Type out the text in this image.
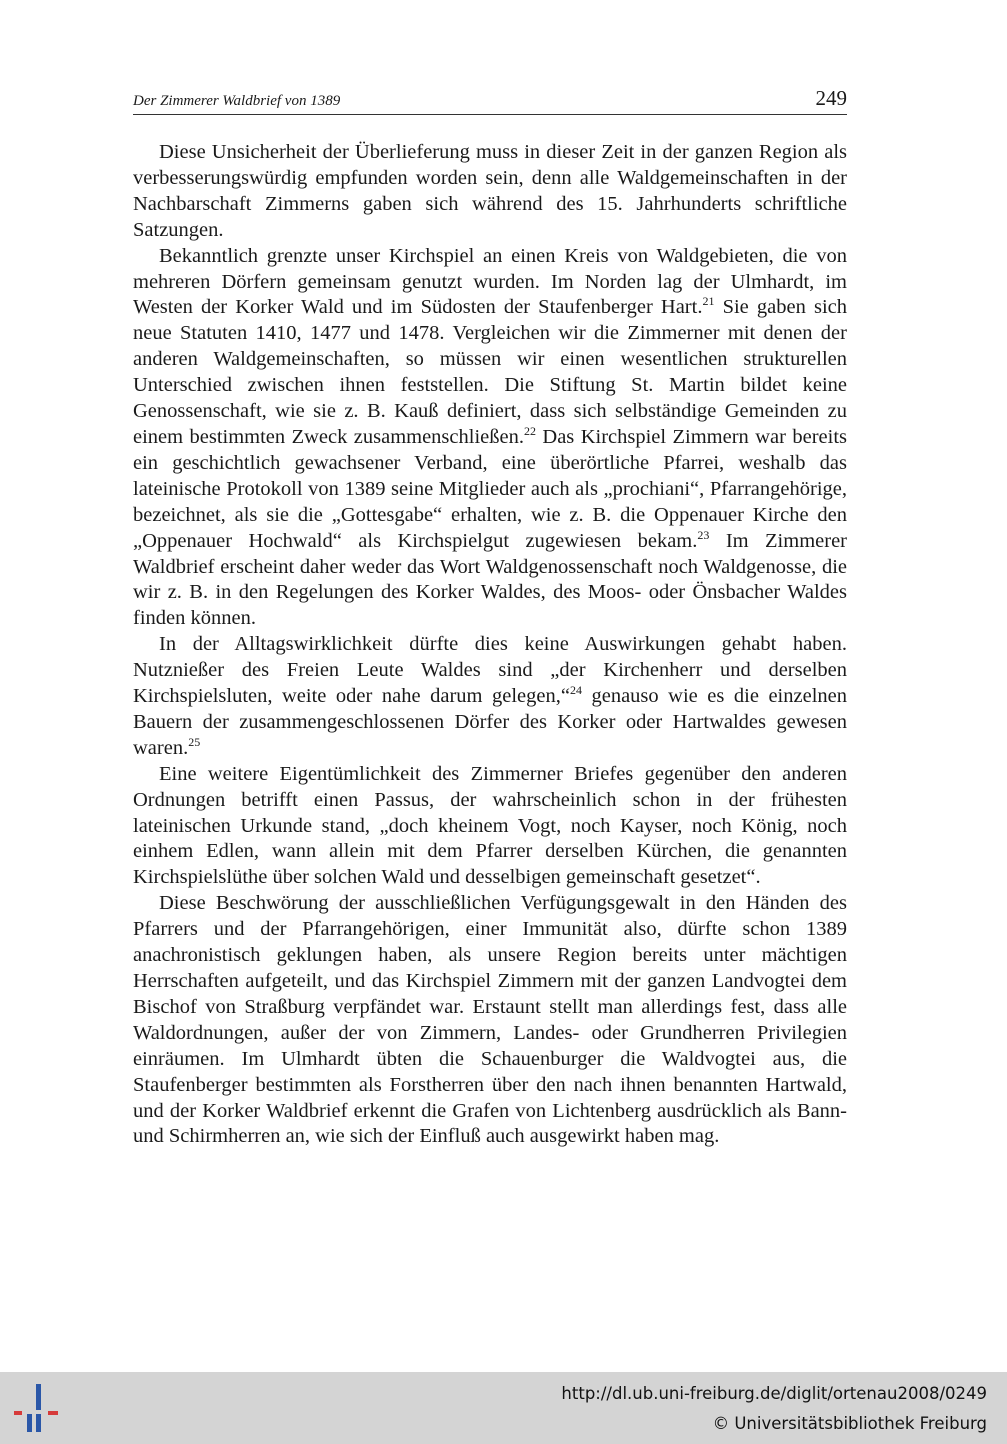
Der Zimmerer Waldbrief von 1389	249

Diese Unsicherheit der Überlieferung muss in dieser Zeit in der ganzen Region als verbesserungswürdig empfunden worden sein, denn alle Waldgemeinschaften in der Nachbarschaft Zimmerns gaben sich während des 15. Jahrhunderts schriftliche Satzungen.

Bekanntlich grenzte unser Kirchspiel an einen Kreis von Waldgebieten, die von mehreren Dörfern gemeinsam genutzt wurden. Im Norden lag der Ulmhardt, im Westen der Korker Wald und im Südosten der Staufenberger Hart.$^{21}$ Sie gaben sich neue Statuten 1410, 1477 und 1478. Vergleichen wir die Zimmerner mit denen der anderen Waldgemeinschaften, so müssen wir einen wesentlichen strukturellen Unterschied zwischen ihnen feststellen. Die Stiftung St. Martin bildet keine Genossenschaft, wie sie z. B. Kauß definiert, dass sich selbständige Gemeinden zu einem bestimmten Zweck zusammenschließen.$^{22}$ Das Kirchspiel Zimmern war bereits ein geschichtlich gewachsener Verband, eine überörtliche Pfarrei, weshalb das lateinische Protokoll von 1389 seine Mitglieder auch als „prochiani“, Pfarrangehörige, bezeichnet, als sie die „Gottesgabe“ erhalten, wie z. B. die Oppenauer Kirche den „Oppenauer Hochwald“ als Kirchspielgut zugewiesen bekam.$^{23}$ Im Zimmerer Waldbrief erscheint daher weder das Wort Waldgenossenschaft noch Waldgenosse, die wir z. B. in den Regelungen des Korker Waldes, des Moos- oder Önsbacher Waldes finden können.

In der Alltagswirklichkeit dürfte dies keine Auswirkungen gehabt haben. Nutznießer des Freien Leute Waldes sind „der Kirchenherr und derselben Kirchspielsluten, weite oder nahe darum gelegen,“$^{24}$ genauso wie es die einzelnen Bauern der zusammengeschlossenen Dörfer des Korker oder Hartwaldes gewesen waren.$^{25}$

Eine weitere Eigentümlichkeit des Zimmerner Briefes gegenüber den anderen Ordnungen betrifft einen Passus, der wahrscheinlich schon in der frühesten lateinischen Urkunde stand, „doch kheinem Vogt, noch Kayser, noch König, noch einhem Edlen, wann allein mit dem Pfarrer derselben Kürchen, die genannten Kirchspielslüthe über solchen Wald und desselbigen gemeinschaft gesetzet“.

Diese Beschwörung der ausschließlichen Verfügungsgewalt in den Händen des Pfarrers und der Pfarrangehörigen, einer Immunität also, dürfte schon 1389 anachronistisch geklungen haben, als unsere Region bereits unter mächtigen Herrschaften aufgeteilt, und das Kirchspiel Zimmern mit der ganzen Landvogtei dem Bischof von Straßburg verpfändet war. Erstaunt stellt man allerdings fest, dass alle Waldordnungen, außer der von Zimmern, Landes- oder Grundherren Privilegien einräumen. Im Ulmhardt übten die Schauenburger die Waldvogtei aus, die Staufenberger bestimmten als Forstherren über den nach ihnen benannten Hartwald, und der Korker Waldbrief erkennt die Grafen von Lichtenberg ausdrücklich als Bann- und Schirmherren an, wie sich der Einfluß auch ausgewirkt haben mag.

http://dl.ub.uni-freiburg.de/diglit/ortenau2008/0249
© Universitätsbibliothek Freiburg
